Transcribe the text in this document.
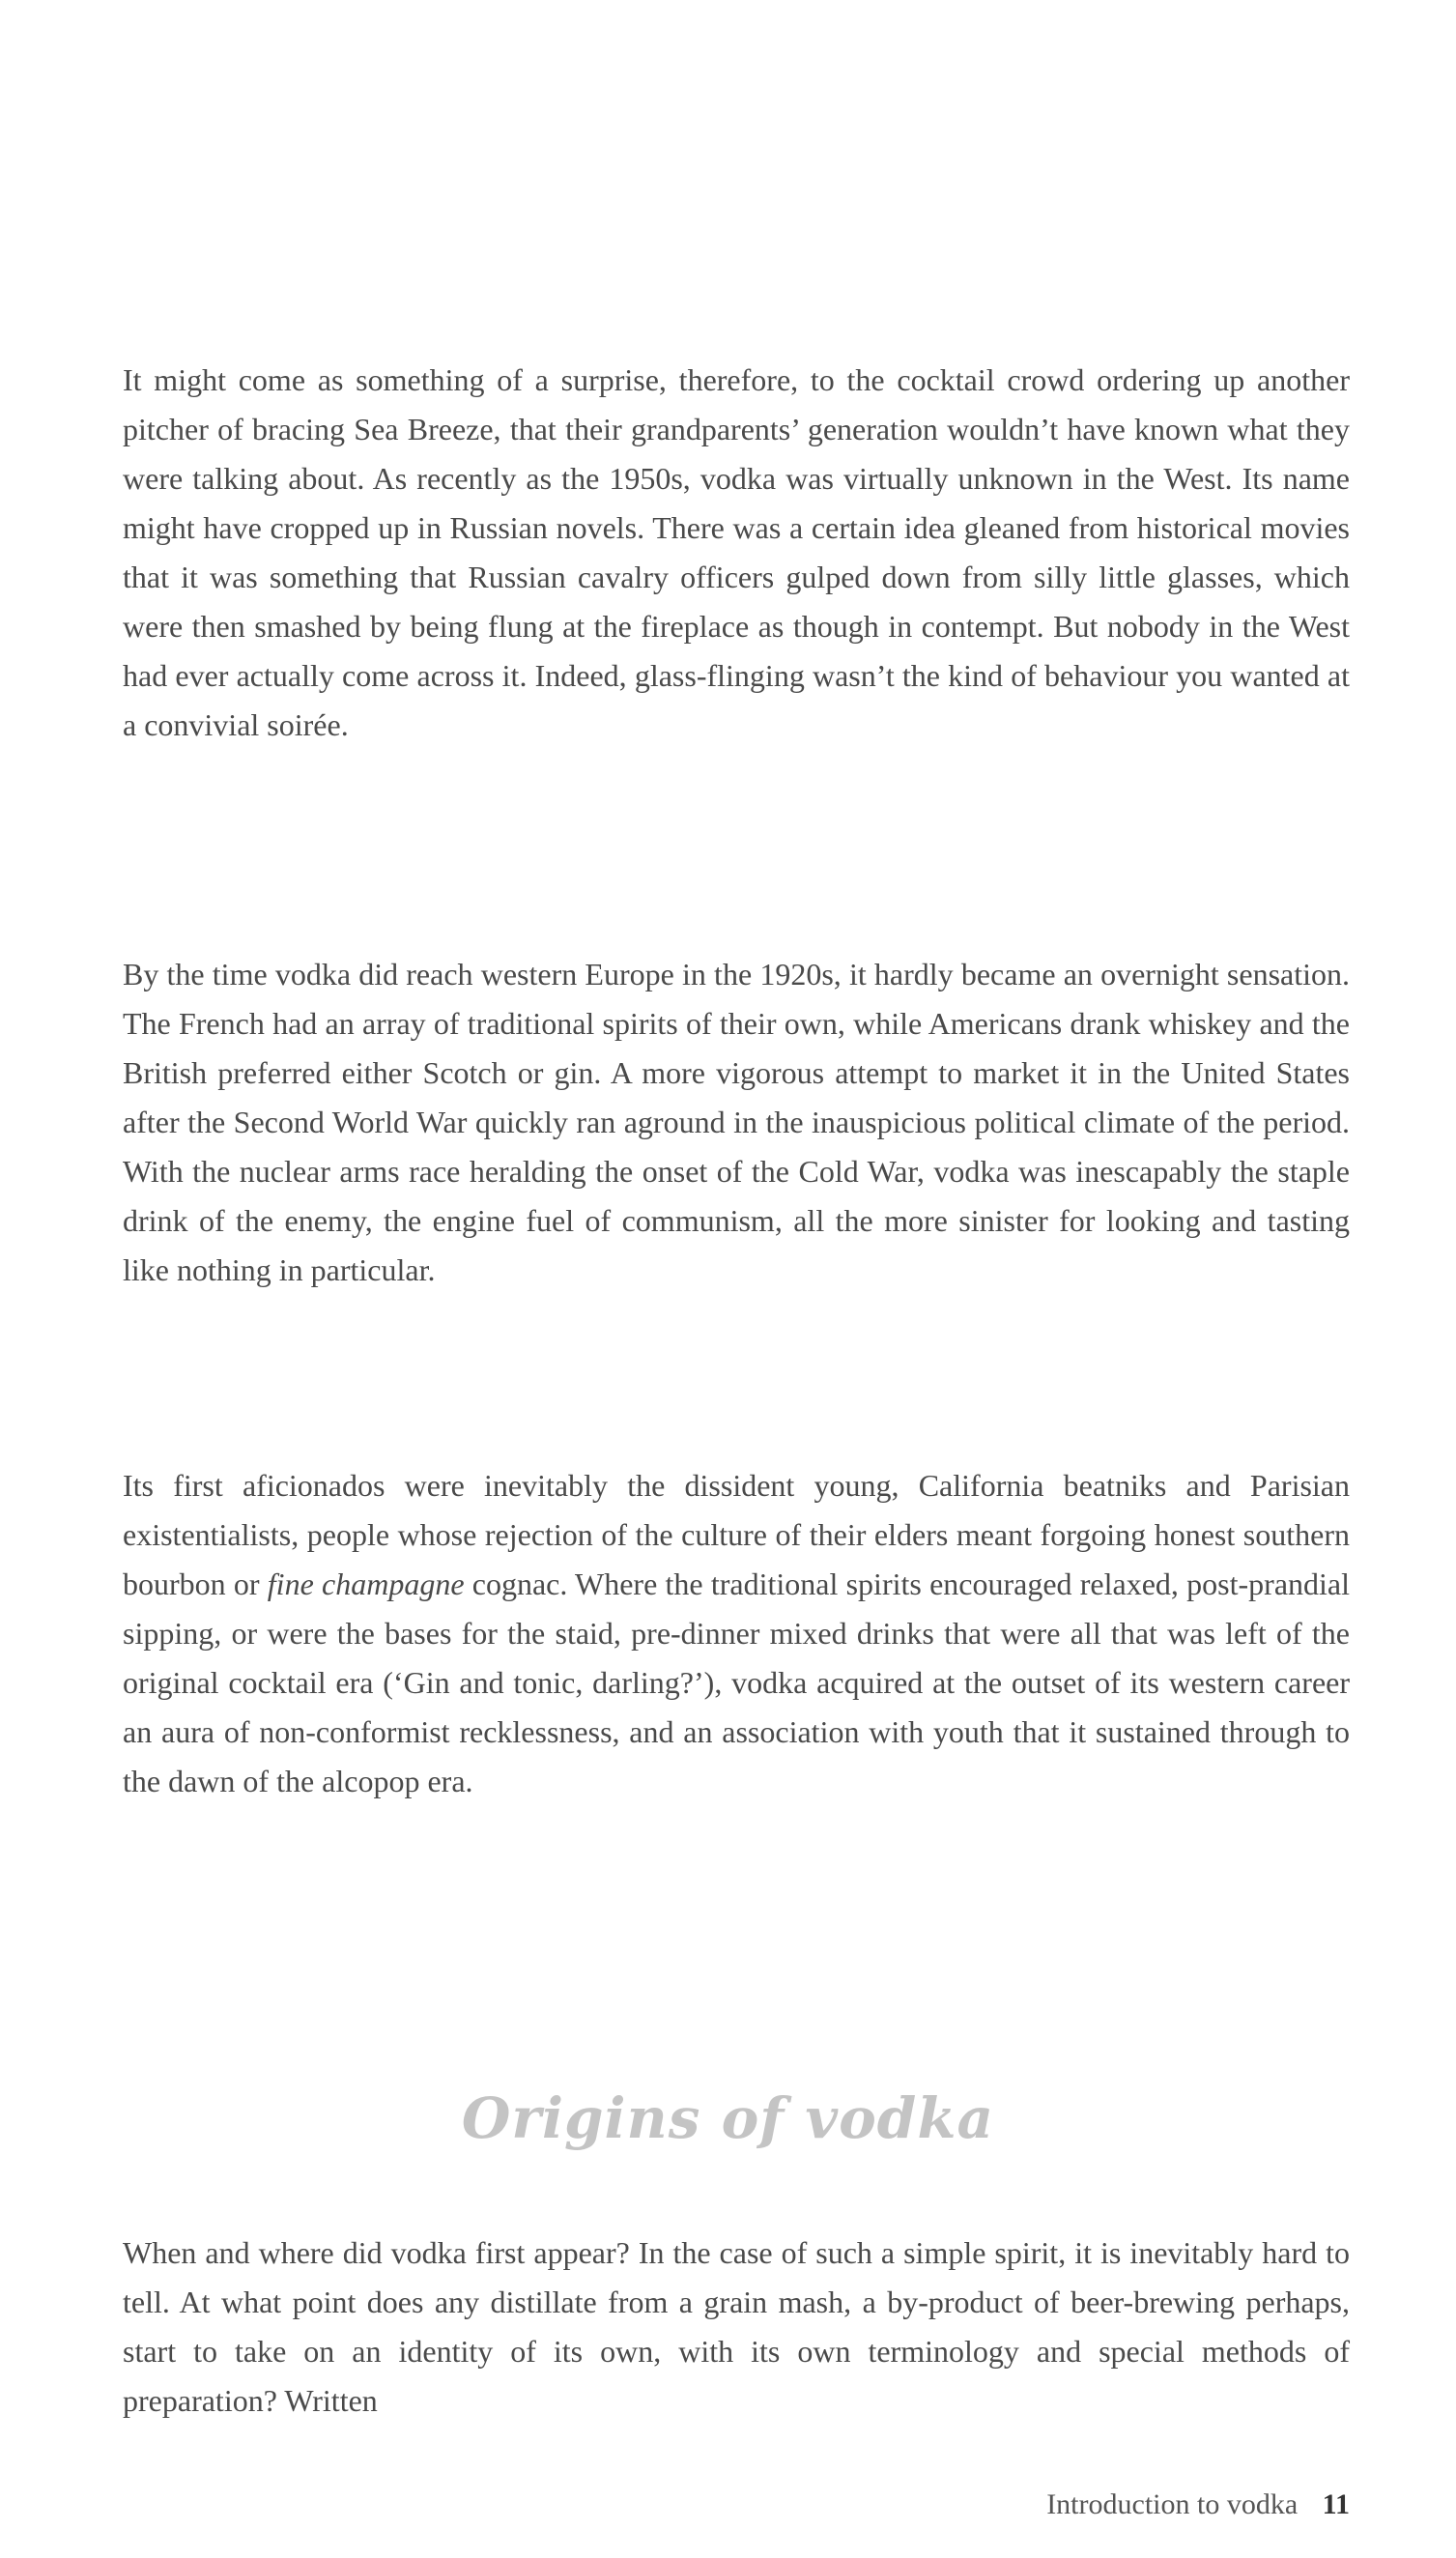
It might come as something of a surprise, therefore, to the cocktail crowd ordering up another pitcher of bracing Sea Breeze, that their grandparents’ generation wouldn’t have known what they were talking about. As recently as the 1950s, vodka was virtually unknown in the West. Its name might have cropped up in Russian novels. There was a certain idea gleaned from historical movies that it was something that Russian cavalry officers gulped down from silly little glasses, which were then smashed by being flung at the fireplace as though in contempt. But nobody in the West had ever actually come across it. Indeed, glass-flinging wasn’t the kind of behaviour you wanted at a convivial soirée.

By the time vodka did reach western Europe in the 1920s, it hardly became an overnight sensation. The French had an array of traditional spirits of their own, while Americans drank whiskey and the British preferred either Scotch or gin. A more vigorous attempt to market it in the United States after the Second World War quickly ran aground in the inauspicious political climate of the period. With the nuclear arms race heralding the onset of the Cold War, vodka was inescapably the staple drink of the enemy, the engine fuel of communism, all the more sinister for looking and tasting like nothing in particular.

Its first aficionados were inevitably the dissident young, California beatniks and Parisian existentialists, people whose rejection of the culture of their elders meant forgoing honest southern bourbon or fine champagne cognac. Where the traditional spirits encouraged relaxed, post-prandial sipping, or were the bases for the staid, pre-dinner mixed drinks that were all that was left of the original cocktail era (‘Gin and tonic, darling?’), vodka acquired at the outset of its western career an aura of non-conformist recklessness, and an association with youth that it sustained through to the dawn of the alcopop era.

Origins of vodka

When and where did vodka first appear? In the case of such a simple spirit, it is inevitably hard to tell. At what point does any distillate from a grain mash, a by-product of beer-brewing perhaps, start to take on an identity of its own, with its own terminology and special methods of preparation? Written

Introduction to vodka 11
